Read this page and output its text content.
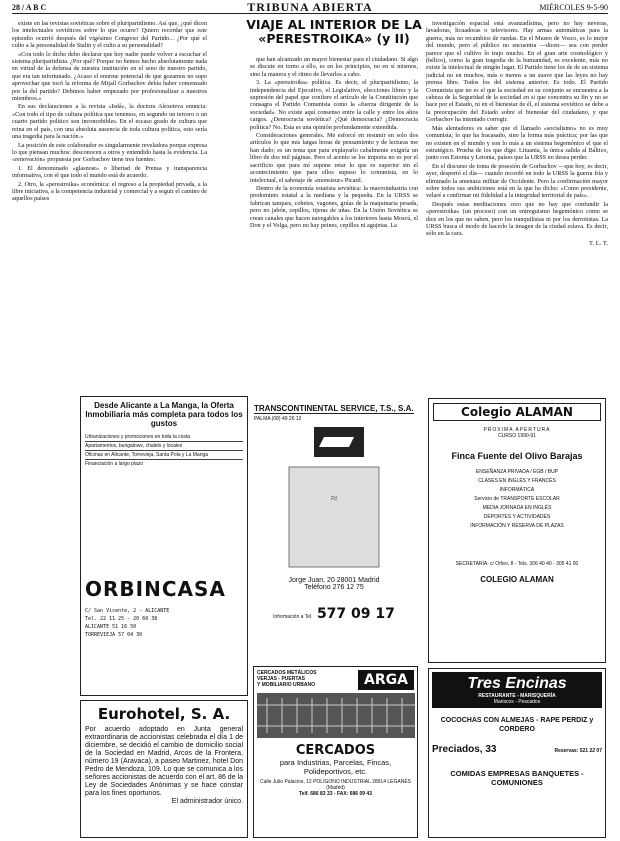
28 / A B C	TRIBUNA ABIERTA	MIÉRCOLES 9-5-90
VIAJE AL INTERIOR DE LA «PERESTROIKA» (y II)

existe en las revistas soviéticas sobre el pluripartidismo. Así que, ¿qué dicen los intelectuales soviéticos sobre lo que ocurre? Quiero recordar que este episodio ocurrió después del vigésimo Congreso del Partido... ¿Por qué el culto a la personalidad de Stalin y el culto a su personalidad?

«Con todo lo dicho debo declarar que hoy nadie puede volver a escuchar el sistema pluripartidista. ¿Por qué? Porque no hemos hecho absolutamente nada en virtud de la defensa de nuestra institución en el seno de nuestro partido, que era tan infortunado. ¿Acaso el enorme potencial de que gozamos no supo aprovechar que tocó la reforma de Mijaíl Gorbachov debía haber comenzado por la del partido? Debimos haber empezado por profesionalizar a nuestros miembros.»

En sus declaraciones a la revista «Isdá», la doctora Alexeieva enuncia: «Con todo el tipo de cultura política que tenemos, en segundo un tercero o un cuarto partido político son inconcebibles. En el escaso grado de cultura que reina en el país, con una absoluta ausencia de toda cultura política, esto sería una tragedia para la nación.»

La posición de este colaborador es singularmente reveladora porque expresa lo que piensan muchos: desconocen a otros y entendido hasta la evidencia. La «renovación» propuesta por Gorbachov tiene tres fuentes:

1. El denominado «glasnost» o libertad de Prensa y transparencia informativa, con el que todo el mundo está de acuerdo.

2. Otro, la «perestroika» económica: el regreso a la propiedad privada, a la libre iniciativa, a la competencia industrial y comercial y a seguir el camino de aquellos países

que han alcanzado un mayor bienestar para el ciudadano. Si algo se discute en torno a ello, es en los principios, no en sí mismos, sino la manera y el ritmo de llevarlos a cabo.

3. La «perestroika» política. Es decir, el pluripartidismo, la independencia del Ejecutivo, el Legislativo, elecciones libres y la supresión del papel que confiere el artículo de la Constitución que consagra el Partido Comunista como la «fuerza dirigente de la sociedad». No existe aquí consenso entre la calle y entre los altos cargos. ¿Democracia soviética? ¿Qué democracia? ¿Democracia política? No. Esta es una opinión profundamente extendida.

Consideraciones generales. Me esforcé en resumir en solo dos artículos lo que mis largas horas de pensamiento y de lecturas me han dado; es un tema que para explayarlo cabalmente exigiría un libro de dos mil páginas. Pero el acento se los importa no es por el sacrificio que para mí supone retar lo que es superior sin el acontecimiento que para ellos supuso lo comunista, en lo intelectual, el sabotaje de «monsieur» Picard.

Dentro de la economía estatista soviética: la macroindustria con predominio estatal a la mediana y la pequeña. En la URSS se fabrican tanques, cohetes, vagones, grúas de la maquinaria pesada, pero no jabón, cepillos, tijeras de uñas. En la Unión Soviética se crean canales que hacen navegables a los interiores hasta Moscú, el Don y el Volga, pero no hay peines, cepillos ni agujetas. La

investigación espacial está avanzadísima, pero no hay neveras, lavadoras, licuadoras o televisores. Hay armas automáticas para la guerra, más no recambios de ruedas. En el Museo de Vosco, es lo mejor del mundo, pero el público no encuentra —dicen— sea con perder parece que el cultivo lo trajo mucho. En el gran arte cosmológico y (bélico), como la gran tragedia de la humanidad, es excelente, más no existe la intelectual de ningún lugar. El Partido tiene los de de un sistema judicial no en muchos, más o menos a un suave que las leyes no hay prensa libre. Todos los del sistema anterior. Es todo. El Partido Comunista que no es el que la sociedad en su conjunto se encuentra a la cabeza de la Seguridad de la sociedad en si que concentra su fin y no se hace por el Estado, ni en el bienestar de él, el sistema soviético se debe a la preocupación del Estado sobre el bienestar del ciudadano, y que Gorbachov ha intentado corregir.

Más alentadores es saber que el llamado «socialismo» no es muy comunista; lo que ha fracasado, sino la forma más práctica; por las que no existen en el mundo y son lo más a un sistema hegemónico el que el estratégico. Prueba de los que digo: Lituania, la única salida al Báltico, junto con Estonia y Letonia, países que la URSS no desea perder.

En el discurso de toma de posesión de Gorbachov —que hoy, es decir, ayer, despertó el día— cuando recordó en todo la URSS la guerra fría y eliminado la amenaza militar de Occidente. Pero la confirmación mayor sobre todos sus ambiciones está en la que ha dicho: «Como presidente, velaré a confirmar mi fidelidad a la integridad territorial de país».

Después estas meditaciones creo que no hay que confundir la «perestroika» (un proceso) con un entreguismo hegemónico como se dice en los que no saben, pero los tranquilistas ni por los derrotistas. La URSS busca el modo de hacerlo la imagen de la ciudad eslava. Es decir, sólo en la cara.

T. L. T.
Desde Alicante a La Manga, la Oferta Inmobiliaria más completa para todos los gustos
Urbanizaciones y promociones en toda la costa
Apartamentos, bungalows, chalets y locales
Oficinas en Alicante, Torrevieja, Santa Pola y La Manga
Financiación a largo plazo
ORBINCASA
C/ San Vicente, 2 - ALICANTE
Tel. 22 11 25 - 20 60 38
ALICANTE 51 16 50
TORREVIEJA 57 04 30
TRANSCONTINENTAL SERVICE, T.S., S.A.
PALMA (08) 49 26 12
≈
Jorge Juan, 20 28001 Madrid
Teléfono 276 12 75
Información a Tel. 577 09 17
CERCADOS METÁLICOS
VERJAS - PUERTAS
Y MOBILIARIO URBANO	ARGA
CERCADOS
para Industrias, Parcelas, Fincas, Polideportivos, etc.
Calle Julio Palacios, 12 POLÍGONO INDUSTRIAL 28914 LEGANÉS (Madrid)
Telf. 686 83 33 - FAX: 686 09 43
Eurohotel, S. A.
Por acuerdo adoptado en Junta general extraordinaria de accionistas celebrada el día 1 de diciembre, se decidió el cambio de domicilio social de la Sociedad en Madrid, Arcos de la Frontera, número 19 (Aravaca), a paseo Martinez, hotel Don Pedro de Mendoza, 109. Lo que se comunica a los señores accionistas de acuerdo con el art. 86 de la Ley de Sociedades Anónimas y se hace constar para los fines oportunos.
El administrador único.
Colegio ALAMAN
PROXIMA APERTURA
CURSO 1990-91
Finca Fuente del Olivo Barajas
ENSEÑANZA PRIVADA / EGB / BUP
CLASES EN INGLÉS Y FRANCÉS
INFORMÁTICA
Servicio de TRANSPORTE ESCOLAR
MEDIA JORNADA EN INGLÉS
DEPORTES Y ACTIVIDADES
INFORMACIÓN Y RESERVA DE PLAZAS
SECRETARÍA: c/ Orfeo, 8 - Tels. 306 40 40 - 305 41 00
COLEGIO ALAMAN
Tres Encinas
RESTAURANTE - MARISQUERÍA
Mariscos - Pescados
COCOCHAS CON ALMEJAS - RAPE PERDIZ y CORDERO
Preciados, 33	Reservas: 521 22 07
COMIDAS EMPRESAS BANQUETES - COMUNIONES
